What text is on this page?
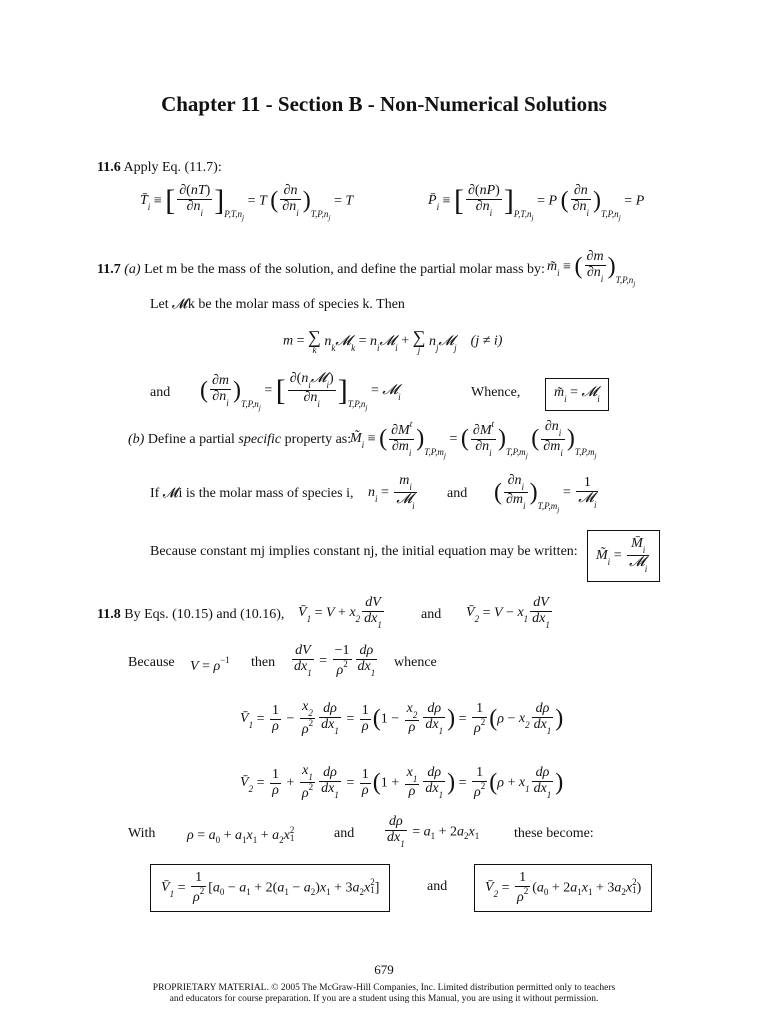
Chapter 11 - Section B - Non-Numerical Solutions
11.6 Apply Eq. (11.7):
$T̄_i$ ≡ [ $\frac{\partial(nT)}{\partial n_i} ]_{P,T,n_j} = T$ ( $\frac{\partial n}{\partial n_i} )_{T,P,n_j} = T$	$P̄_i$ ≡ [ $\frac{\partial(nP)}{\partial n_i} ]_{P,T,n_j} = P$ ( $\frac{\partial n}{\partial n_i} )_{T,P,n_j} = P$
11.7 (a) Let m be the mass of the solution, and define the partial molar mass by: $m̃_i$ ≡ ( $\frac{\partial m}{\partial n_i} )_{T,P,n_j}$
Let 𝓜k be the molar mass of species k. Then
m = ∑
k
$n_k𝓜_k$ = $n_i𝓜_i$ + ∑
j
$n_j𝓜_j$ (j ≠ i)
and ( $\frac{\partial m}{\partial n_i} )_{T,P,n_j}$ = [ $\frac{\partial(n_i𝓜_i)}{\partial n_i} ]_{T,P,n_j}$ = 𝓜$_i$	Whence,	$m̃_i$ = 𝓜$_i$
(b) Define a partial specific property as:
$M̃_i$ ≡ ( $\frac{\partial M^t}{\partial m_i} )_{T,P,m_j}$ = ( $\frac{\partial M^t}{\partial n_i} )_{T,P,m_j}$ ( $\frac{\partial n_i}{\partial m_i} )_{T,P,m_j}$
If 𝓜i is the molar mass of species i, $n_i = \frac{m_i}{𝓜_i}$ and ( $\frac{\partial n_i}{\partial m_i} )_{T,P,m_j} = \frac{1}{𝓜_i}$
Because constant mj implies constant nj, the initial equation may be written:	$M̃_i = \frac{M̄_i}{𝓜_i}$
11.8 By Eqs. (10.15) and (10.16), $V̄_1 = V + x_2 \frac{dV}{dx_1}$	and $V̄_2 = V - x_1 \frac{dV}{dx_1}$
Because $V = \rho^{-1}$ then $\frac{dV}{dx_1} = \frac{-1}{\rho^2} \frac{d\rho}{dx_1}$ whence
$V̄_1 = \frac{1}{\rho} - \frac{x_2}{\rho^2} \frac{d\rho}{dx_1} = \frac{1}{\rho} (1 - \frac{x_2}{\rho} \frac{d\rho}{dx_1}$ ) = $\frac{1}{\rho^2} (\rho - x_2 \frac{d\rho}{dx_1}$ )
$V̄_2 = \frac{1}{\rho} + \frac{x_1}{\rho^2} \frac{d\rho}{dx_1} = \frac{1}{\rho} (1 + \frac{x_1}{\rho} \frac{d\rho}{dx_1}$ ) = $\frac{1}{\rho^2} (\rho + x_1 \frac{d\rho}{dx_1}$ )
With $\rho = a_0 + a_1x_1 + a_2x2$
1	and $\frac{d\rho}{dx_1} = a_1 + 2a_2x_1$ these become:
$V̄_1 = \frac{1}{\rho^2} [a_0 - a_1 + 2(a_1 - a_2)x_1 + 3a_2x2$
1]	and	$V̄_2 = \frac{1}{\rho^2} (a_0 + 2a_1x_1 + 3a_2x2$
1)
679
PROPRIETARY MATERIAL. © 2005 The McGraw-Hill Companies, Inc. Limited distribution permitted only to teachers
and educators for course preparation. If you are a student using this Manual, you are using it without permission.
